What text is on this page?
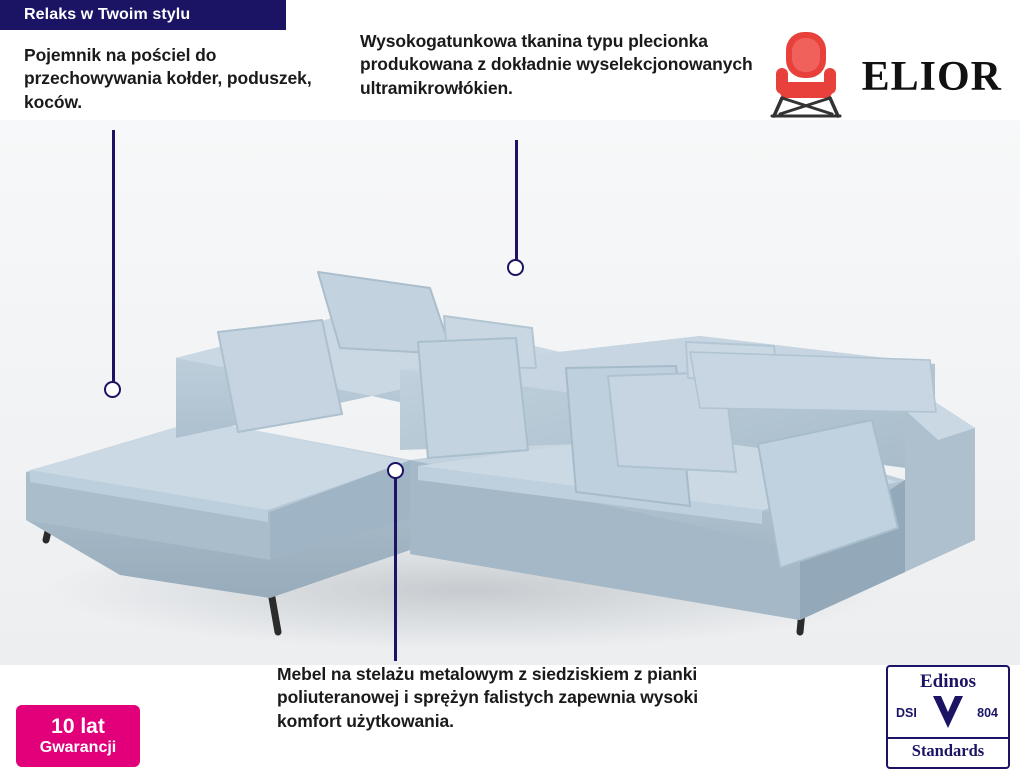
Relaks w Twoim stylu
Pojemnik na pościel do przechowywania kołder, poduszek, koców.
Wysokogatunkowa tkanina typu plecionka produkowana z dokładnie wyselekcjonowanych ultramikrowłókien.
Mebel na stelażu metalowym z siedziskiem z pianki poliuteranowej i sprężyn falistych zapewnia wysoki komfort użytkowania.
ELIOR
10 lat
Gwarancji
Edinos
DSI	804
Standards
